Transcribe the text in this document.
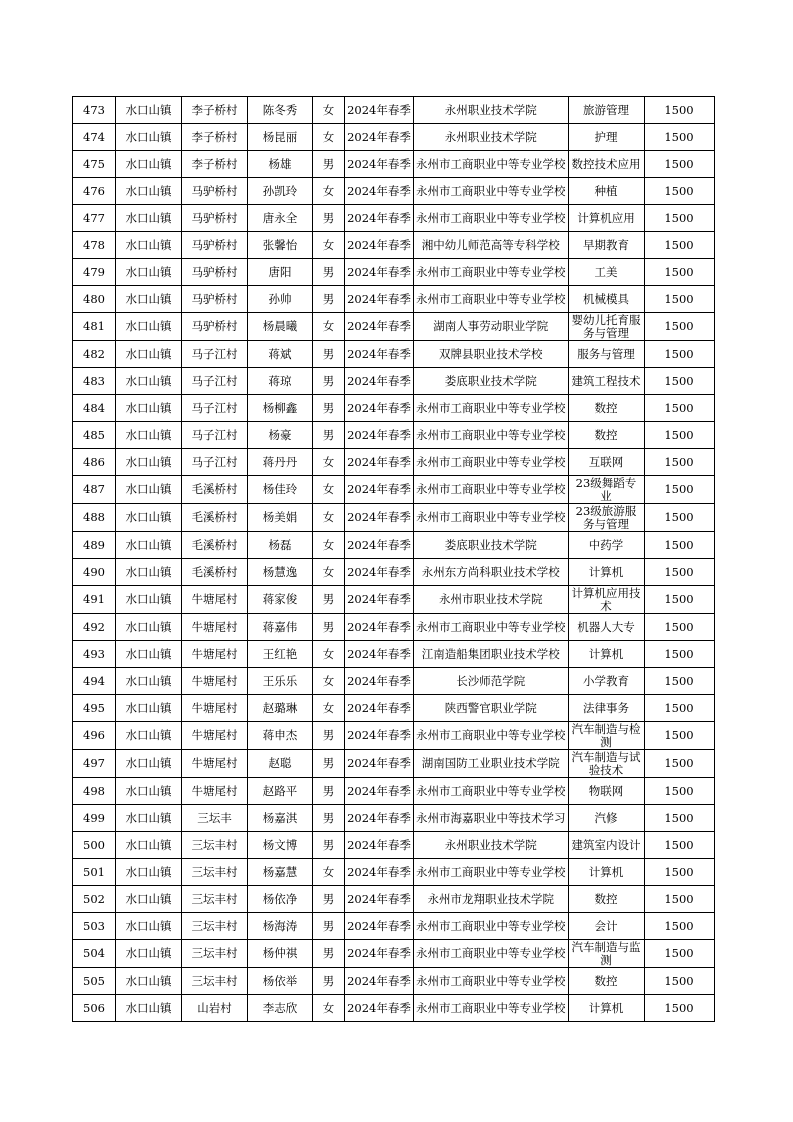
473	水口山镇	李子桥村	陈冬秀	女	2024年春季	永州职业技术学院	旅游管理	1500
474	水口山镇	李子桥村	杨昆丽	女	2024年春季	永州职业技术学院	护理	1500
475	水口山镇	李子桥村	杨雄	男	2024年春季	永州市工商职业中等专业学校	数控技术应用	1500
476	水口山镇	马驴桥村	孙凯玲	女	2024年春季	永州市工商职业中等专业学校	种植	1500
477	水口山镇	马驴桥村	唐永全	男	2024年春季	永州市工商职业中等专业学校	计算机应用	1500
478	水口山镇	马驴桥村	张馨怡	女	2024年春季	湘中幼儿师范高等专科学校	早期教育	1500
479	水口山镇	马驴桥村	唐阳	男	2024年春季	永州市工商职业中等专业学校	工美	1500
480	水口山镇	马驴桥村	孙帅	男	2024年春季	永州市工商职业中等专业学校	机械模具	1500
481	水口山镇	马驴桥村	杨晨曦	女	2024年春季	湖南人事劳动职业学院	婴幼儿托育服务与管理	1500
482	水口山镇	马子江村	蒋斌	男	2024年春季	双牌县职业技术学校	服务与管理	1500
483	水口山镇	马子江村	蒋琼	男	2024年春季	娄底职业技术学院	建筑工程技术	1500
484	水口山镇	马子江村	杨柳鑫	男	2024年春季	永州市工商职业中等专业学校	数控	1500
485	水口山镇	马子江村	杨豪	男	2024年春季	永州市工商职业中等专业学校	数控	1500
486	水口山镇	马子江村	蒋丹丹	女	2024年春季	永州市工商职业中等专业学校	互联网	1500
487	水口山镇	毛溪桥村	杨佳玲	女	2024年春季	永州市工商职业中等专业学校	23级舞蹈专业	1500
488	水口山镇	毛溪桥村	杨美娟	女	2024年春季	永州市工商职业中等专业学校	23级旅游服务与管理	1500
489	水口山镇	毛溪桥村	杨磊	女	2024年春季	娄底职业技术学院	中药学	1500
490	水口山镇	毛溪桥村	杨慧逸	女	2024年春季	永州东方尚科职业技术学校	计算机	1500
491	水口山镇	牛塘尾村	蒋家俊	男	2024年春季	永州市职业技术学院	计算机应用技术	1500
492	水口山镇	牛塘尾村	蒋嘉伟	男	2024年春季	永州市工商职业中等专业学校	机器人大专	1500
493	水口山镇	牛塘尾村	王红艳	女	2024年春季	江南造船集团职业技术学校	计算机	1500
494	水口山镇	牛塘尾村	王乐乐	女	2024年春季	长沙师范学院	小学教育	1500
495	水口山镇	牛塘尾村	赵璐琳	女	2024年春季	陕西警官职业学院	法律事务	1500
496	水口山镇	牛塘尾村	蒋申杰	男	2024年春季	永州市工商职业中等专业学校	汽车制造与检测	1500
497	水口山镇	牛塘尾村	赵聪	男	2024年春季	湖南国防工业职业技术学院	汽车制造与试验技术	1500
498	水口山镇	牛塘尾村	赵路平	男	2024年春季	永州市工商职业中等专业学校	物联网	1500
499	水口山镇	三坛丰	杨嘉淇	男	2024年春季	永州市海嘉职业中等技术学习	汽修	1500
500	水口山镇	三坛丰村	杨文博	男	2024年春季	永州职业技术学院	建筑室内设计	1500
501	水口山镇	三坛丰村	杨嘉慧	女	2024年春季	永州市工商职业中等专业学校	计算机	1500
502	水口山镇	三坛丰村	杨依净	男	2024年春季	永州市龙翔职业技术学院	数控	1500
503	水口山镇	三坛丰村	杨海涛	男	2024年春季	永州市工商职业中等专业学校	会计	1500
504	水口山镇	三坛丰村	杨仲祺	男	2024年春季	永州市工商职业中等专业学校	汽车制造与监测	1500
505	水口山镇	三坛丰村	杨依举	男	2024年春季	永州市工商职业中等专业学校	数控	1500
506	水口山镇	山岩村	李志欣	女	2024年春季	永州市工商职业中等专业学校	计算机	1500
